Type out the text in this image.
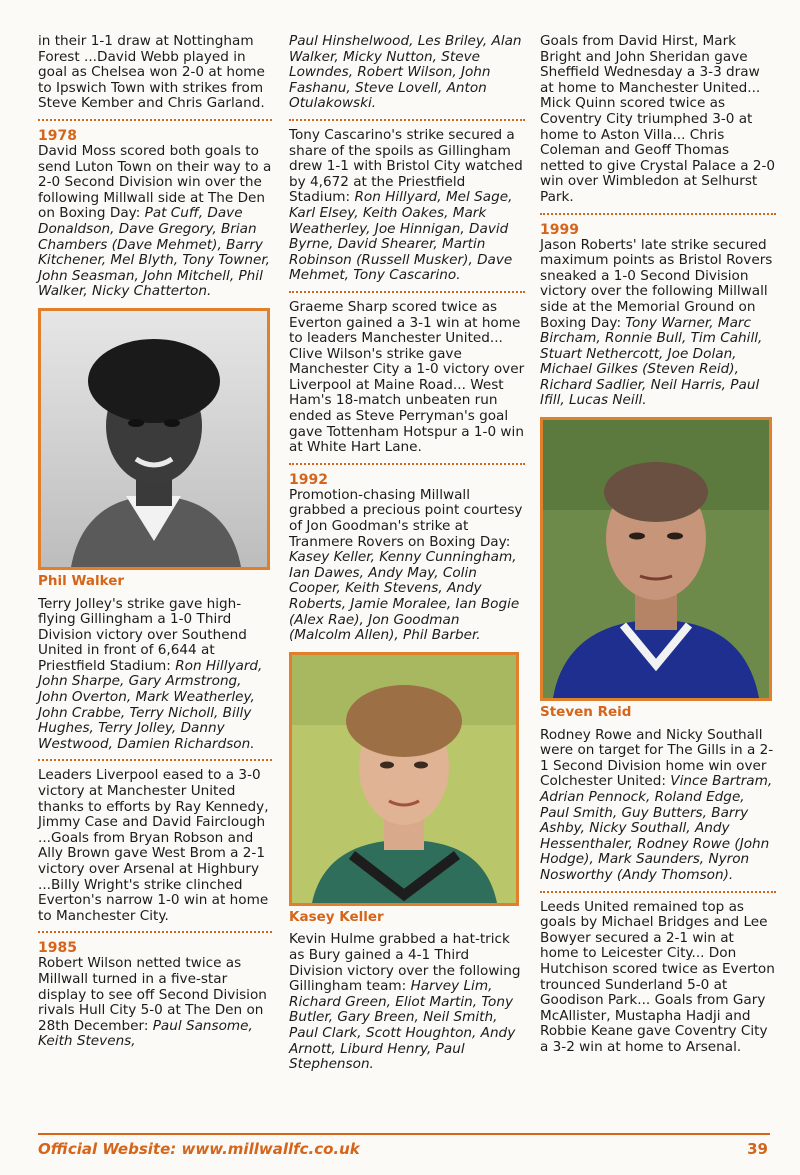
in their 1-1 draw at Nottingham Forest ...David Webb played in goal as Chelsea won 2-0 at home to Ipswich Town with strikes from Steve Kember and Chris Garland.

1978

David Moss scored both goals to send Luton Town on their way to a 2-0 Second Division win over the following Millwall side at The Den on Boxing Day: Pat Cuff, Dave Donaldson, Dave Gregory, Brian Chambers (Dave Mehmet), Barry Kitchener, Mel Blyth, Tony Towner, John Seasman, John Mitchell, Phil Walker, Nicky Chatterton.

Phil Walker

Terry Jolley's strike gave high-flying Gillingham a 1-0 Third Division victory over Southend United in front of 6,644 at Priestfield Stadium: Ron Hillyard, John Sharpe, Gary Armstrong, John Overton, Mark Weatherley, John Crabbe, Terry Nicholl, Billy Hughes, Terry Jolley, Danny Westwood, Damien Richardson.

Leaders Liverpool eased to a 3-0 victory at Manchester United thanks to efforts by Ray Kennedy, Jimmy Case and David Fairclough ...Goals from Bryan Robson and Ally Brown gave West Brom a 2-1 victory over Arsenal at Highbury ...Billy Wright's strike clinched Everton's narrow 1-0 win at home to Manchester City.

1985

Robert Wilson netted twice as Millwall turned in a five-star display to see off Second Division rivals Hull City 5-0 at The Den on 28th December: Paul Sansome, Keith Stevens,

Paul Hinshelwood, Les Briley, Alan Walker, Micky Nutton, Steve Lowndes, Robert Wilson, John Fashanu, Steve Lovell, Anton Otulakowski.

Tony Cascarino's strike secured a share of the spoils as Gillingham drew 1-1 with Bristol City watched by 4,672 at the Priestfield Stadium: Ron Hillyard, Mel Sage, Karl Elsey, Keith Oakes, Mark Weatherley, Joe Hinnigan, David Byrne, David Shearer, Martin Robinson (Russell Musker), Dave Mehmet, Tony Cascarino.

Graeme Sharp scored twice as Everton gained a 3-1 win at home to leaders Manchester United... Clive Wilson's strike gave Manchester City a 1-0 victory over Liverpool at Maine Road... West Ham's 18-match unbeaten run ended as Steve Perryman's goal gave Tottenham Hotspur a 1-0 win at White Hart Lane.

1992

Promotion-chasing Millwall grabbed a precious point courtesy of Jon Goodman's strike at Tranmere Rovers on Boxing Day: Kasey Keller, Kenny Cunningham, Ian Dawes, Andy May, Colin Cooper, Keith Stevens, Andy Roberts, Jamie Moralee, Ian Bogie (Alex Rae), Jon Goodman (Malcolm Allen), Phil Barber.

Kasey Keller

Kevin Hulme grabbed a hat-trick as Bury gained a 4-1 Third Division victory over the following Gillingham team: Harvey Lim, Richard Green, Eliot Martin, Tony Butler, Gary Breen, Neil Smith, Paul Clark, Scott Houghton, Andy Arnott, Liburd Henry, Paul Stephenson.

Goals from David Hirst, Mark Bright and John Sheridan gave Sheffield Wednesday a 3-3 draw at home to Manchester United... Mick Quinn scored twice as Coventry City triumphed 3-0 at home to Aston Villa... Chris Coleman and Geoff Thomas netted to give Crystal Palace a 2-0 win over Wimbledon at Selhurst Park.

1999

Jason Roberts' late strike secured maximum points as Bristol Rovers sneaked a 1-0 Second Division victory over the following Millwall side at the Memorial Ground on Boxing Day: Tony Warner, Marc Bircham, Ronnie Bull, Tim Cahill, Stuart Nethercott, Joe Dolan, Michael Gilkes (Steven Reid), Richard Sadlier, Neil Harris, Paul Ifill, Lucas Neill.

Steven Reid

Rodney Rowe and Nicky Southall were on target for The Gills in a 2-1 Second Division home win over Colchester United: Vince Bartram, Adrian Pennock, Roland Edge, Paul Smith, Guy Butters, Barry Ashby, Nicky Southall, Andy Hessenthaler, Rodney Rowe (John Hodge), Mark Saunders, Nyron Nosworthy (Andy Thomson).

Leeds United remained top as goals by Michael Bridges and Lee Bowyer secured a 2-1 win at home to Leicester City... Don Hutchison scored twice as Everton trounced Sunderland 5-0 at Goodison Park... Goals from Gary McAllister, Mustapha Hadji and Robbie Keane gave Coventry City a 3-2 win at home to Arsenal.

Official Website: www.millwallfc.co.uk	39
